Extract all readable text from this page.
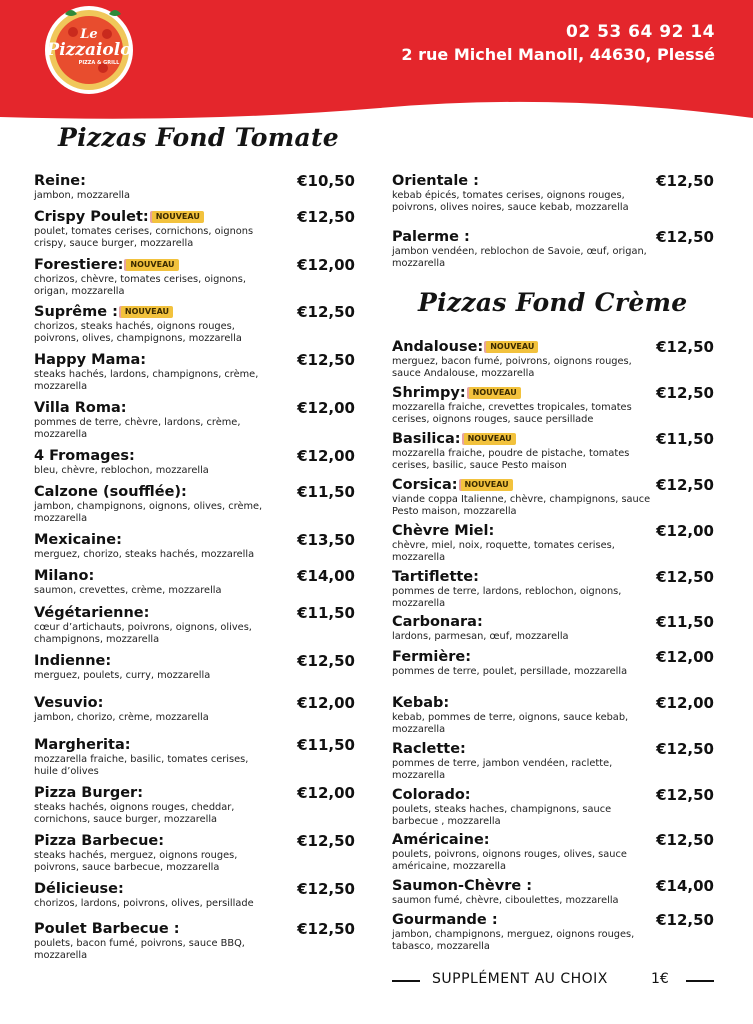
Le
Pizzaiolo
PIZZA & GRILL
02 53 64 92 14
2 rue Michel Manoll, 44630, Plessé
Pizzas Fond Tomate
Pizzas Fond Crème
Reine:
jambon, mozzarella
€10,50
Crispy Poulet: NOUVEAU
poulet, tomates cerises, cornichons, oignons crispy, sauce burger, mozzarella
€12,50
Forestiere: NOUVEAU
chorizos, chèvre, tomates cerises, oignons, origan, mozzarella
€12,00
Suprême : NOUVEAU
chorizos, steaks hachés, oignons rouges, poivrons, olives, champignons, mozzarella
€12,50
Happy Mama:
steaks hachés, lardons, champignons, crème, mozzarella
€12,50
Villa Roma:
pommes de terre, chèvre, lardons, crème, mozzarella
€12,00
4 Fromages:
bleu, chèvre, reblochon, mozzarella
€12,00
Calzone (soufflée):
jambon, champignons, oignons, olives, crème, mozzarella
€11,50
Mexicaine:
merguez, chorizo, steaks hachés, mozzarella
€13,50
Milano:
saumon, crevettes, crème, mozzarella
€14,00
Végétarienne:
cœur d’artichauts, poivrons, oignons, olives, champignons, mozzarella
€11,50
Indienne:
merguez, poulets, curry, mozzarella
€12,50
Vesuvio:
jambon, chorizo, crème, mozzarella
€12,00
Margherita:
mozzarella fraiche, basilic, tomates cerises, huile d’olives
€11,50
Pizza Burger:
steaks hachés, oignons rouges, cheddar, cornichons, sauce burger, mozzarella
€12,00
Pizza Barbecue:
steaks hachés, merguez, oignons rouges, poivrons, sauce barbecue, mozzarella
€12,50
Délicieuse:
chorizos, lardons, poivrons, olives, persillade
€12,50
Poulet Barbecue :
poulets, bacon fumé, poivrons, sauce BBQ, mozzarella
€12,50
Orientale :
kebab épicés, tomates cerises, oignons rouges, poivrons, olives noires, sauce kebab, mozzarella
€12,50
Palerme :
jambon vendéen, reblochon de Savoie, œuf, origan, mozzarella
€12,50
Andalouse: NOUVEAU
merguez, bacon fumé, poivrons, oignons rouges, sauce Andalouse, mozzarella
€12,50
Shrimpy: NOUVEAU
mozzarella fraiche, crevettes tropicales, tomates cerises, oignons rouges, sauce persillade
€12,50
Basilica: NOUVEAU
mozzarella fraiche, poudre de pistache, tomates cerises, basilic, sauce Pesto maison
€11,50
Corsica: NOUVEAU
viande coppa Italienne, chèvre, champignons, sauce Pesto maison, mozzarella
€12,50
Chèvre Miel:
chèvre, miel, noix, roquette, tomates cerises, mozzarella
€12,00
Tartiflette:
pommes de terre, lardons, reblochon, oignons, mozzarella
€12,50
Carbonara:
lardons, parmesan, œuf, mozzarella
€11,50
Fermière:
pommes de terre, poulet, persillade, mozzarella
€12,00
Kebab:
kebab, pommes de terre, oignons, sauce kebab, mozzarella
€12,00
Raclette:
pommes de terre, jambon vendéen, raclette, mozzarella
€12,50
Colorado:
poulets, steaks haches, champignons, sauce barbecue , mozzarella
€12,50
Américaine:
poulets, poivrons, oignons rouges, olives, sauce américaine, mozzarella
€12,50
Saumon-Chèvre :
saumon fumé, chèvre, ciboulettes, mozzarella
€14,00
Gourmande :
jambon, champignons, merguez, oignons rouges, tabasco, mozzarella
€12,50
SUPPLÉMENT AU CHOIX	1€
